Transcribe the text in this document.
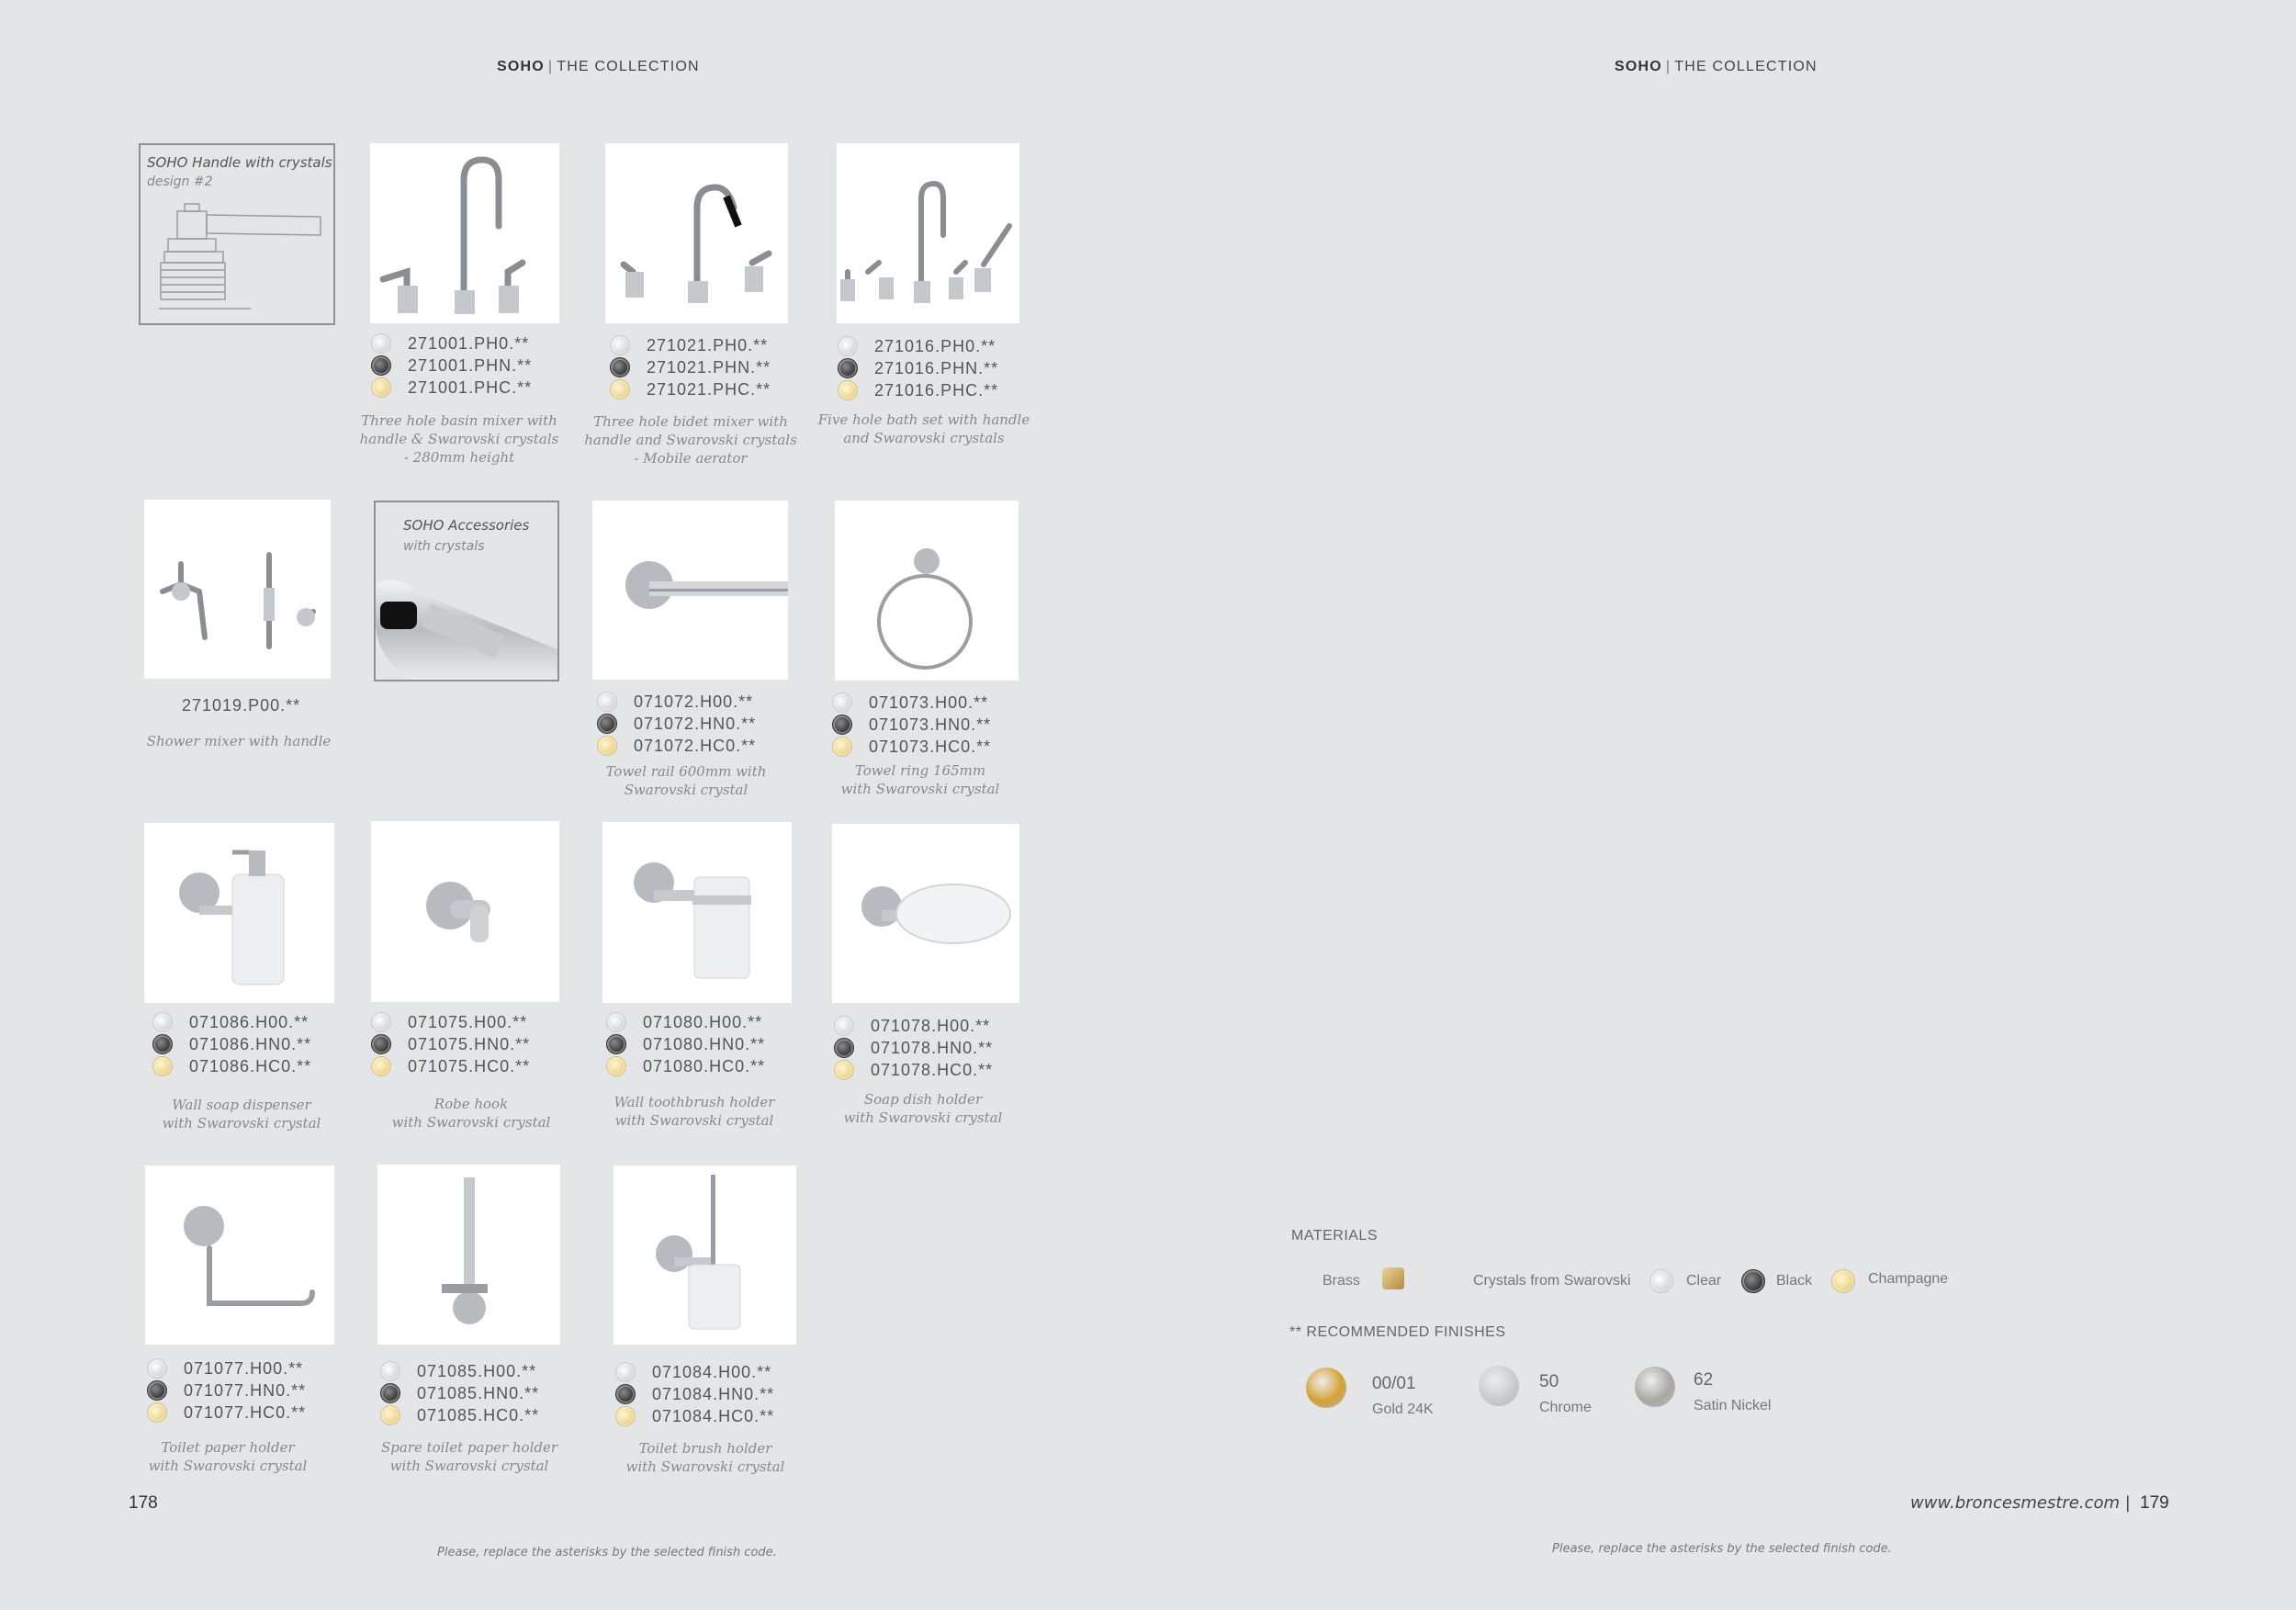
SOHO | THE COLLECTION	SOHO | THE COLLECTION
SOHO Handle with crystals
design #2
SOHO Accessories
with crystals
271001.PH0.**
271001.PHN.**
271001.PHC.**
Three hole basin mixer with
handle & Swarovski crystals
- 280mm height
271021.PH0.**
271021.PHN.**
271021.PHC.**
Three hole bidet mixer with
handle and Swarovski crystals
- Mobile aerator
271016.PH0.**
271016.PHN.**
271016.PHC.**
Five hole bath set with handle
and Swarovski crystals
271019.P00.**
Shower mixer with handle
071072.H00.**
071072.HN0.**
071072.HC0.**
Towel rail 600mm with
Swarovski crystal
071073.H00.**
071073.HN0.**
071073.HC0.**
Towel ring 165mm
with Swarovski crystal
071086.H00.**
071086.HN0.**
071086.HC0.**
Wall soap dispenser
with Swarovski crystal
071075.H00.**
071075.HN0.**
071075.HC0.**
Robe hook
with Swarovski crystal
071080.H00.**
071080.HN0.**
071080.HC0.**
Wall toothbrush holder
with Swarovski crystal
071078.H00.**
071078.HN0.**
071078.HC0.**
Soap dish holder
with Swarovski crystal
071077.H00.**
071077.HN0.**
071077.HC0.**
Toilet paper holder
with Swarovski crystal
071085.H00.**
071085.HN0.**
071085.HC0.**
Spare toilet paper holder
with Swarovski crystal
071084.H00.**
071084.HN0.**
071084.HC0.**
Toilet brush holder
with Swarovski crystal
178
Please, replace the asterisks by the selected finish code.
www.broncesmestre.com | 179
Please, replace the asterisks by the selected finish code.
MATERIALS
Brass	Crystals from Swarovski	Clear	Black	Champagne
** RECOMMENDED FINISHES
00/01
Gold 24K
50
Chrome
62
Satin Nickel
